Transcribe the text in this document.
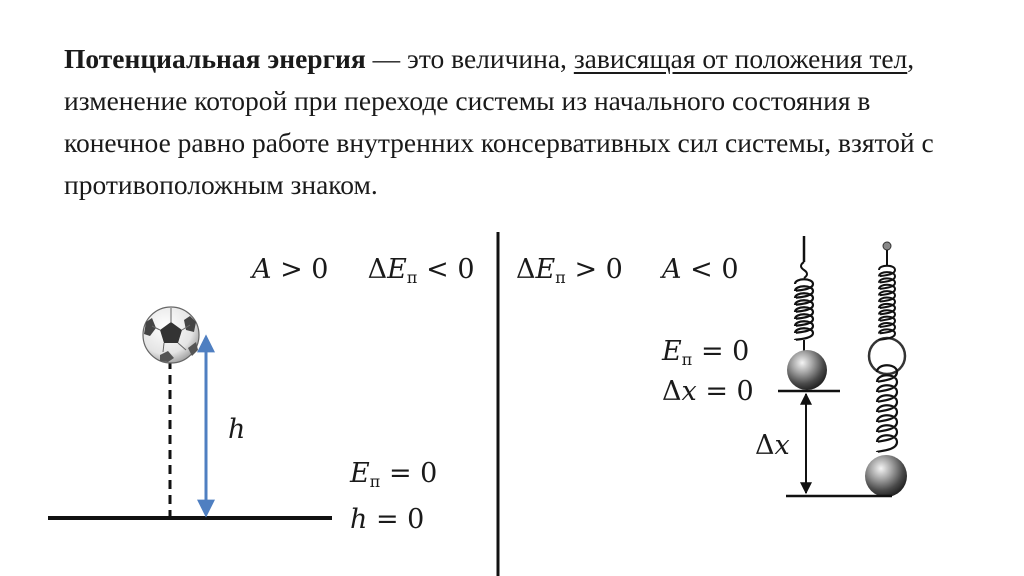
Потенциальная энергия — это величина, зависящая от положения тел, изменение которой при переходе системы из начального состояния в конечное равно работе внутренних консервативных сил системы, взятой с противоположным знаком.

A > 0 $\Delta E_п < 0$ $\Delta E_п > 0$ A < 0
h
$E_п = 0$
h = 0
$E_п = 0$
Δx = 0
Δx
